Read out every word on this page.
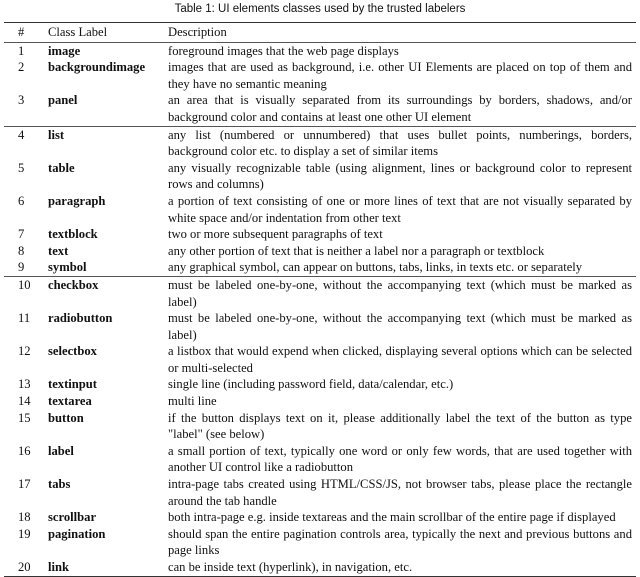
Table 1: UI elements classes used by the trusted labelers
#	Class Label	Description
1	image	foreground images that the web page displays
2	backgroundimage	images that are used as background, i.e. other UI Elements are placed on top of them and they have no semantic meaning
3	panel	an area that is visually separated from its surroundings by borders, shadows, and/or background color and contains at least one other UI element
4	list	any list (numbered or unnumbered) that uses bullet points, numberings, borders, background color etc. to display a set of similar items
5	table	any visually recognizable table (using alignment, lines or background color to represent rows and columns)
6	paragraph	a portion of text consisting of one or more lines of text that are not visually separated by white space and/or indentation from other text
7	textblock	two or more subsequent paragraphs of text
8	text	any other portion of text that is neither a label nor a paragraph or textblock
9	symbol	any graphical symbol, can appear on buttons, tabs, links, in texts etc. or separately
10	checkbox	must be labeled one-by-one, without the accompanying text (which must be marked as label)
11	radiobutton	must be labeled one-by-one, without the accompanying text (which must be marked as label)
12	selectbox	a listbox that would expend when clicked, displaying several options which can be selected or multi-selected
13	textinput	single line (including password field, data/calendar, etc.)
14	textarea	multi line
15	button	if the button displays text on it, please additionally label the text of the button as type "label" (see below)
16	label	a small portion of text, typically one word or only few words, that are used together with another UI control like a radiobutton
17	tabs	intra-page tabs created using HTML/CSS/JS, not browser tabs, please place the rectangle around the tab handle
18	scrollbar	both intra-page e.g. inside textareas and the main scrollbar of the entire page if displayed
19	pagination	should span the entire pagination controls area, typically the next and previous buttons and page links
20	link	can be inside text (hyperlink), in navigation, etc.
